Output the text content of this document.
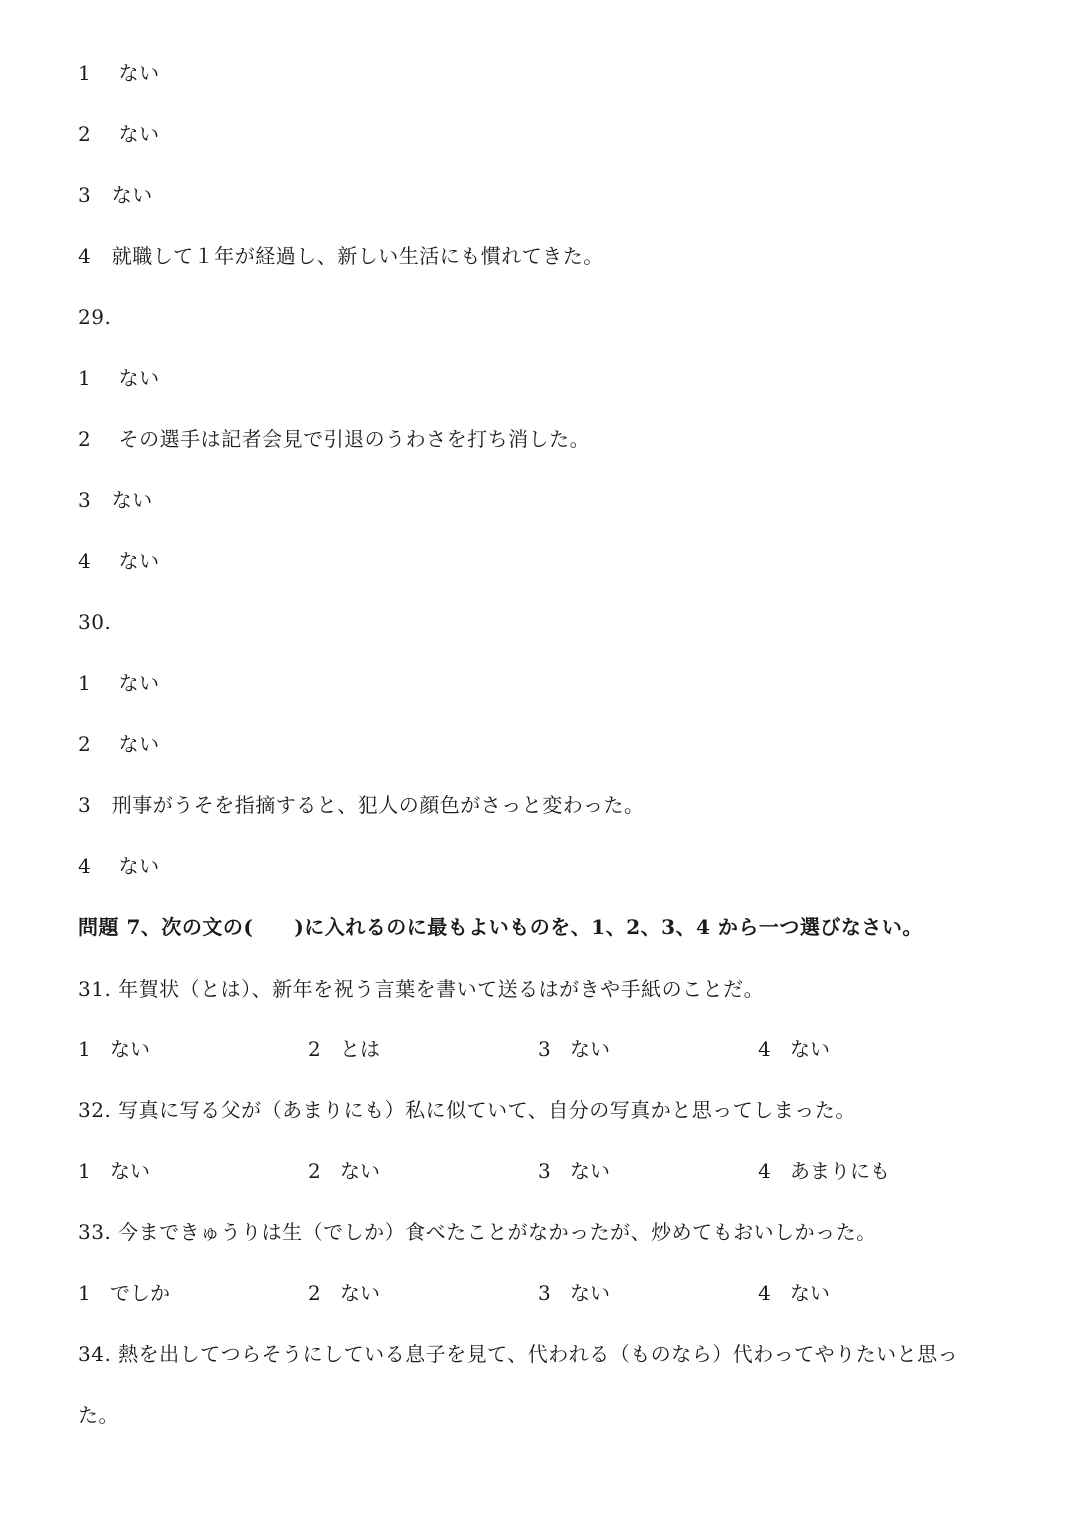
1　 ない
2　 ない
3　ない
4　就職して１年が経過し、新しい生活にも慣れてきた。
29.
1　 ない
2　 その選手は記者会見で引退のうわさを打ち消した。
3　ない
4　 ない
30.
1　 ない
2　 ない
3　刑事がうそを指摘すると、犯人の顔色がさっと変わった。
4　 ない
問題 7、次の文の(　　)に入れるのに最もよいものを、1、2、3、4 から一つ選びなさい。
31. 年賀状（とは）、新年を祝う言葉を書いて送るはがきや手紙のことだ。
1 ない	2 とは	3 ない	4 ない
32. 写真に写る父が（あまりにも）私に似ていて、自分の写真かと思ってしまった。
1 ない	2 ない	3 ない	4 あまりにも
33. 今まできゅうりは生（でしか）食べたことがなかったが、炒めてもおいしかった。
1 でしか	2 ない	3 ない	4 ない
34. 熱を出してつらそうにしている息子を見て、代われる（ものなら）代わってやりたいと思っ
た。
